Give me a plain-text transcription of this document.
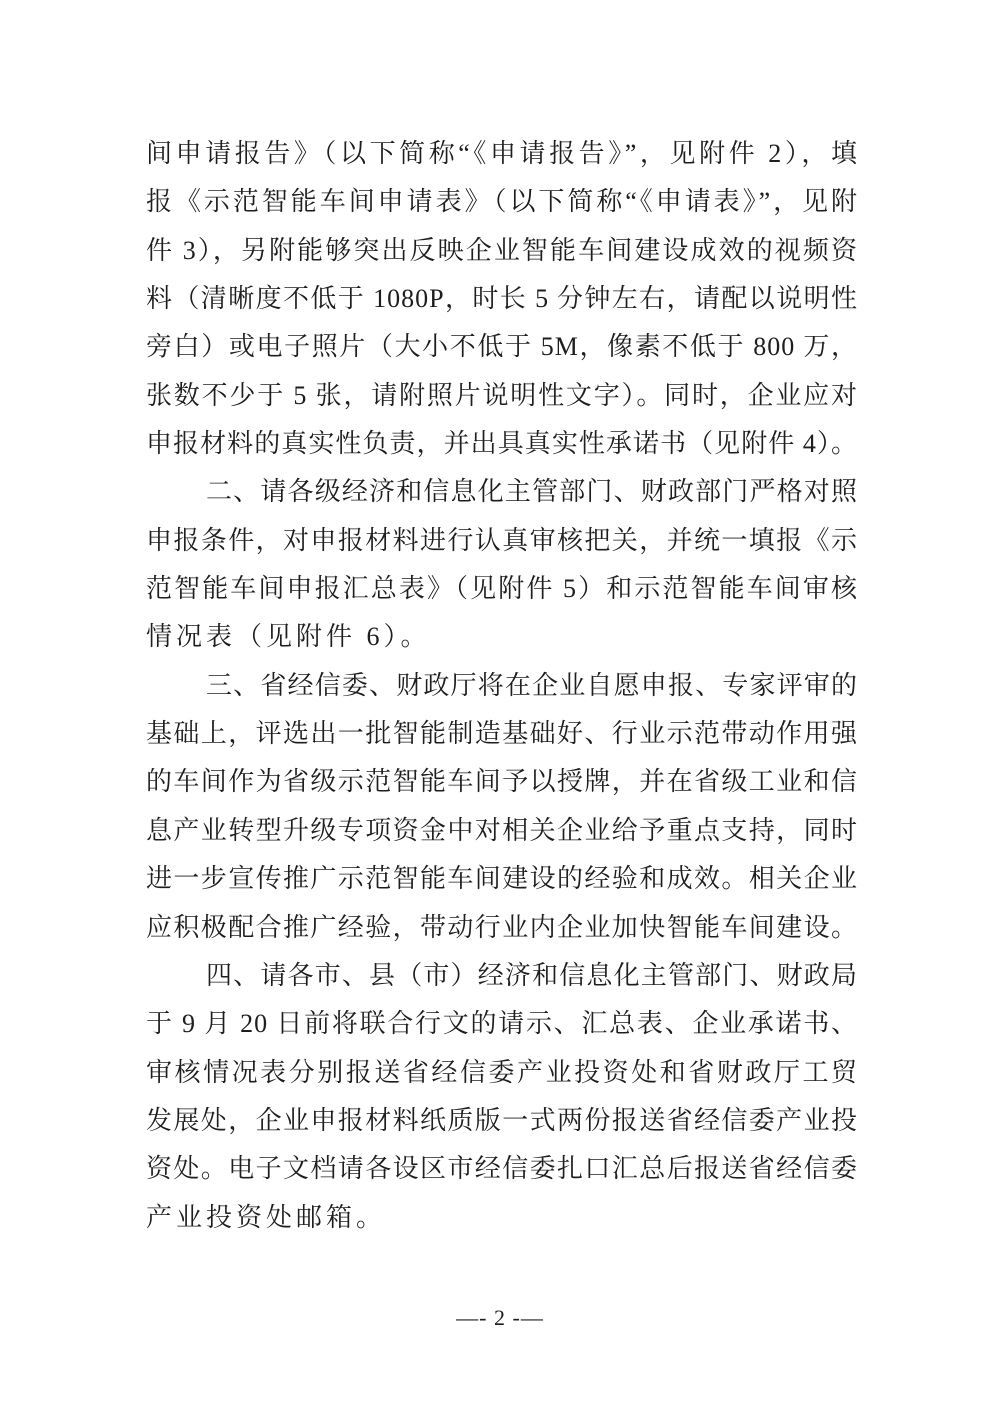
间申请报告》（以下简称“《申请报告》”，见附件 2），填
报《示范智能车间申请表》（以下简称“《申请表》”，见附
件 3），另附能够突出反映企业智能车间建设成效的视频资
料（清晰度不低于 1080P，时长 5 分钟左右，请配以说明性
旁白）或电子照片（大小不低于 5M，像素不低于 800 万，
张数不少于 5 张，请附照片说明性文字）。同时，企业应对
申报材料的真实性负责，并出具真实性承诺书（见附件 4）。
二、请各级经济和信息化主管部门、财政部门严格对照
申报条件，对申报材料进行认真审核把关，并统一填报《示
范智能车间申报汇总表》（见附件 5）和示范智能车间审核
情况表（见附件 6）。
三、省经信委、财政厅将在企业自愿申报、专家评审的
基础上，评选出一批智能制造基础好、行业示范带动作用强
的车间作为省级示范智能车间予以授牌，并在省级工业和信
息产业转型升级专项资金中对相关企业给予重点支持，同时
进一步宣传推广示范智能车间建设的经验和成效。相关企业
应积极配合推广经验，带动行业内企业加快智能车间建设。
四、请各市、县（市）经济和信息化主管部门、财政局
于 9 月 20 日前将联合行文的请示、汇总表、企业承诺书、
审核情况表分别报送省经信委产业投资处和省财政厅工贸
发展处，企业申报材料纸质版一式两份报送省经信委产业投
资处。电子文档请各设区市经信委扎口汇总后报送省经信委
产业投资处邮箱。
—- 2 -—
